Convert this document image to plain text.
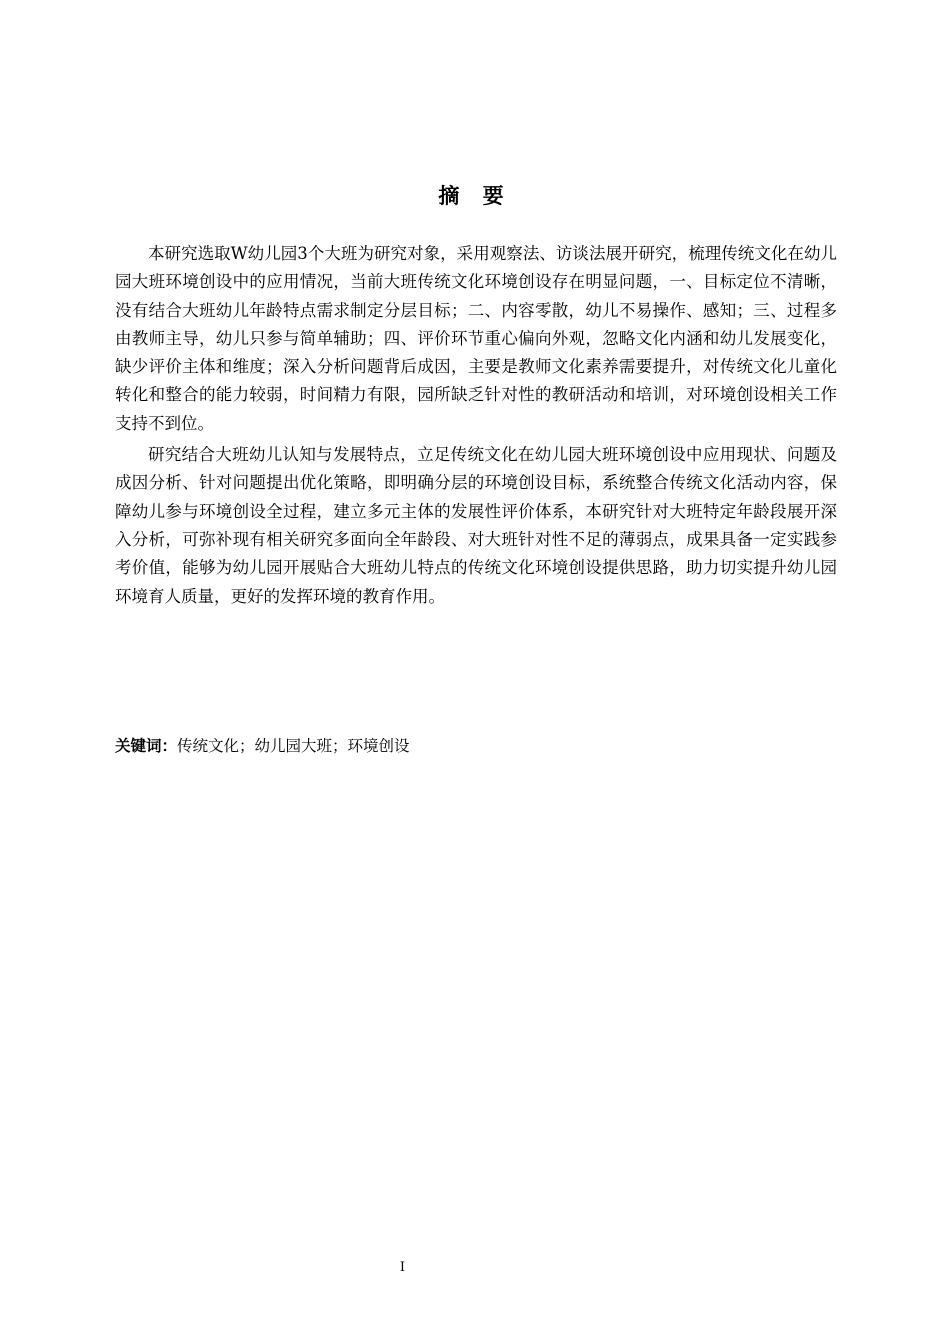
摘 要

本研究选取W幼儿园3个大班为研究对象，采用观察法、访谈法展开研究，梳理传统文化在幼儿园大班环境创设中的应用情况，当前大班传统文化环境创设存在明显问题，一、目标定位不清晰，没有结合大班幼儿年龄特点需求制定分层目标；二、内容零散，幼儿不易操作、感知；三、过程多由教师主导，幼儿只参与简单辅助；四、评价环节重心偏向外观，忽略文化内涵和幼儿发展变化，缺少评价主体和维度；深入分析问题背后成因，主要是教师文化素养需要提升，对传统文化儿童化转化和整合的能力较弱，时间精力有限，园所缺乏针对性的教研活动和培训，对环境创设相关工作支持不到位。

研究结合大班幼儿认知与发展特点，立足传统文化在幼儿园大班环境创设中应用现状、问题及成因分析、针对问题提出优化策略，即明确分层的环境创设目标，系统整合传统文化活动内容，保障幼儿参与环境创设全过程，建立多元主体的发展性评价体系，本研究针对大班特定年龄段展开深入分析，可弥补现有相关研究多面向全年龄段、对大班针对性不足的薄弱点，成果具备一定实践参考价值，能够为幼儿园开展贴合大班幼儿特点的传统文化环境创设提供思路，助力切实提升幼儿园环境育人质量，更好的发挥环境的教育作用。

关键词：传统文化；幼儿园大班；环境创设
I
